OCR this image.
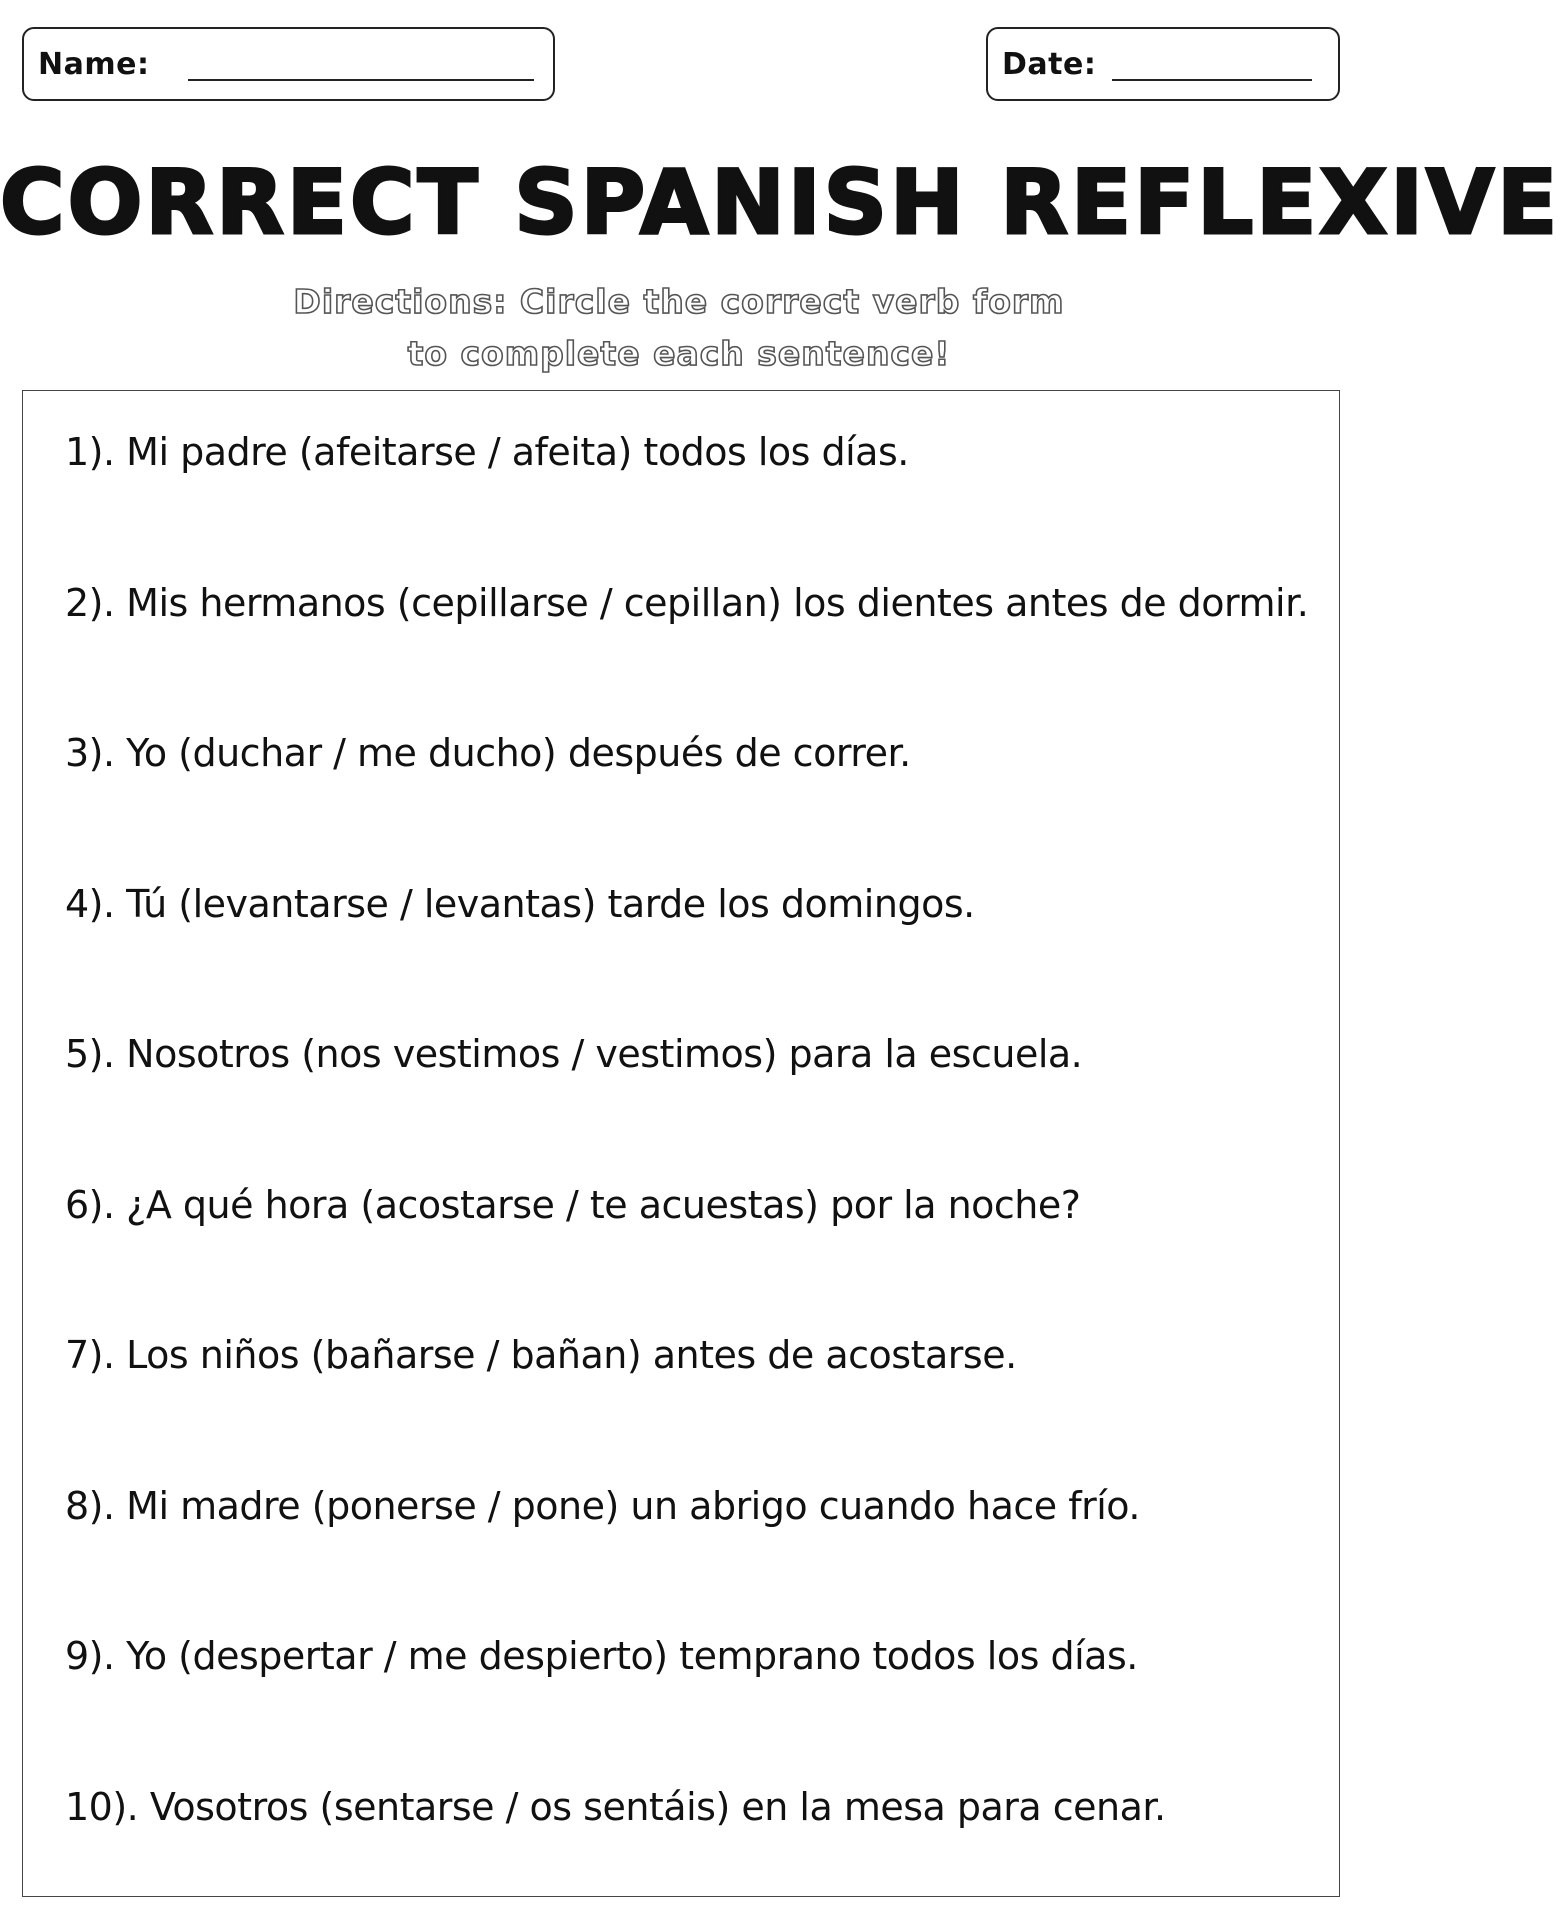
Name:	Date:
CORRECT SPANISH REFLEXIVE
Directions: Circle the correct verb form
to complete each sentence!
1). Mi padre (afeitarse / afeita) todos los días.
2). Mis hermanos (cepillarse / cepillan) los dientes antes de dormir.
3). Yo (duchar / me ducho) después de correr.
4). Tú (levantarse / levantas) tarde los domingos.
5). Nosotros (nos vestimos / vestimos) para la escuela.
6). ¿A qué hora (acostarse / te acuestas) por la noche?
7). Los niños (bañarse / bañan) antes de acostarse.
8). Mi madre (ponerse / pone) un abrigo cuando hace frío.
9). Yo (despertar / me despierto) temprano todos los días.
10). Vosotros (sentarse / os sentáis) en la mesa para cenar.
